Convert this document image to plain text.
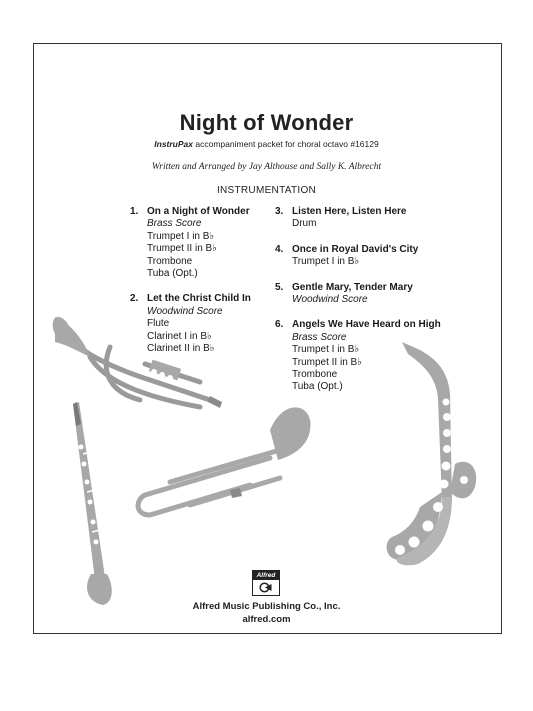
Night of Wonder
InstruPax accompaniment packet for choral octavo #16129
Written and Arranged by Jay Althouse and Sally K. Albrecht
INSTRUMENTATION
1. On a Night of Wonder
Brass Score
Trumpet I in B♭
Trumpet II in B♭
Trombone
Tuba (Opt.)
2. Let the Christ Child In
Woodwind Score
Flute
Clarinet I in B♭
Clarinet II in B♭
3. Listen Here, Listen Here
Drum
4. Once in Royal David's City
Trumpet I in B♭
5. Gentle Mary, Tender Mary
Woodwind Score
6. Angels We Have Heard on High
Brass Score
Trumpet I in B♭
Trumpet II in B♭
Trombone
Tuba (Opt.)
Alfred
Alfred Music Publishing Co., Inc.
alfred.com
